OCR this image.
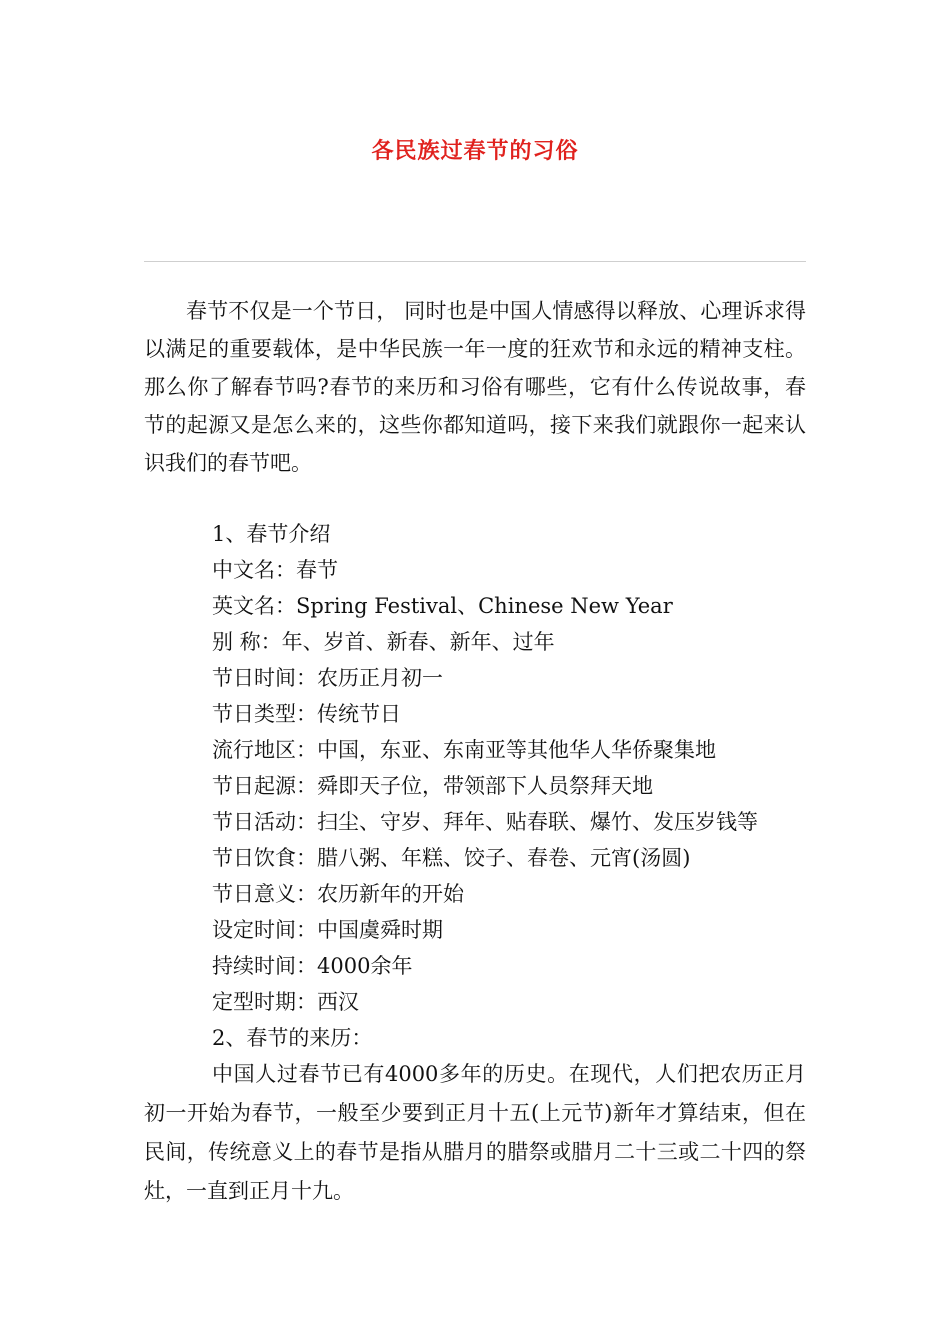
各民族过春节的习俗

春节不仅是一个节日， 同时也是中国人情感得以释放、心理诉求得以满足的重要载体，是中华民族一年一度的狂欢节和永远的精神支柱。那么你了解春节吗?春节的来历和习俗有哪些，它有什么传说故事，春节的起源又是怎么来的，这些你都知道吗，接下来我们就跟你一起来认识我们的春节吧。

1、春节介绍
中文名：春节
英文名：Spring Festival、Chinese New Year
别 称：年、岁首、新春、新年、过年
节日时间：农历正月初一
节日类型：传统节日
流行地区：中国，东亚、东南亚等其他华人华侨聚集地
节日起源：舜即天子位，带领部下人员祭拜天地
节日活动：扫尘、守岁、拜年、贴春联、爆竹、发压岁钱等
节日饮食：腊八粥、年糕、饺子、春卷、元宵(汤圆)
节日意义：农历新年的开始
设定时间：中国虞舜时期
持续时间：4000余年
定型时期：西汉
2、春节的来历：

中国人过春节已有4000多年的历史。在现代，人们把农历正月初一开始为春节，一般至少要到正月十五(上元节)新年才算结束，但在民间，传统意义上的春节是指从腊月的腊祭或腊月二十三或二十四的祭灶，一直到正月十九。
